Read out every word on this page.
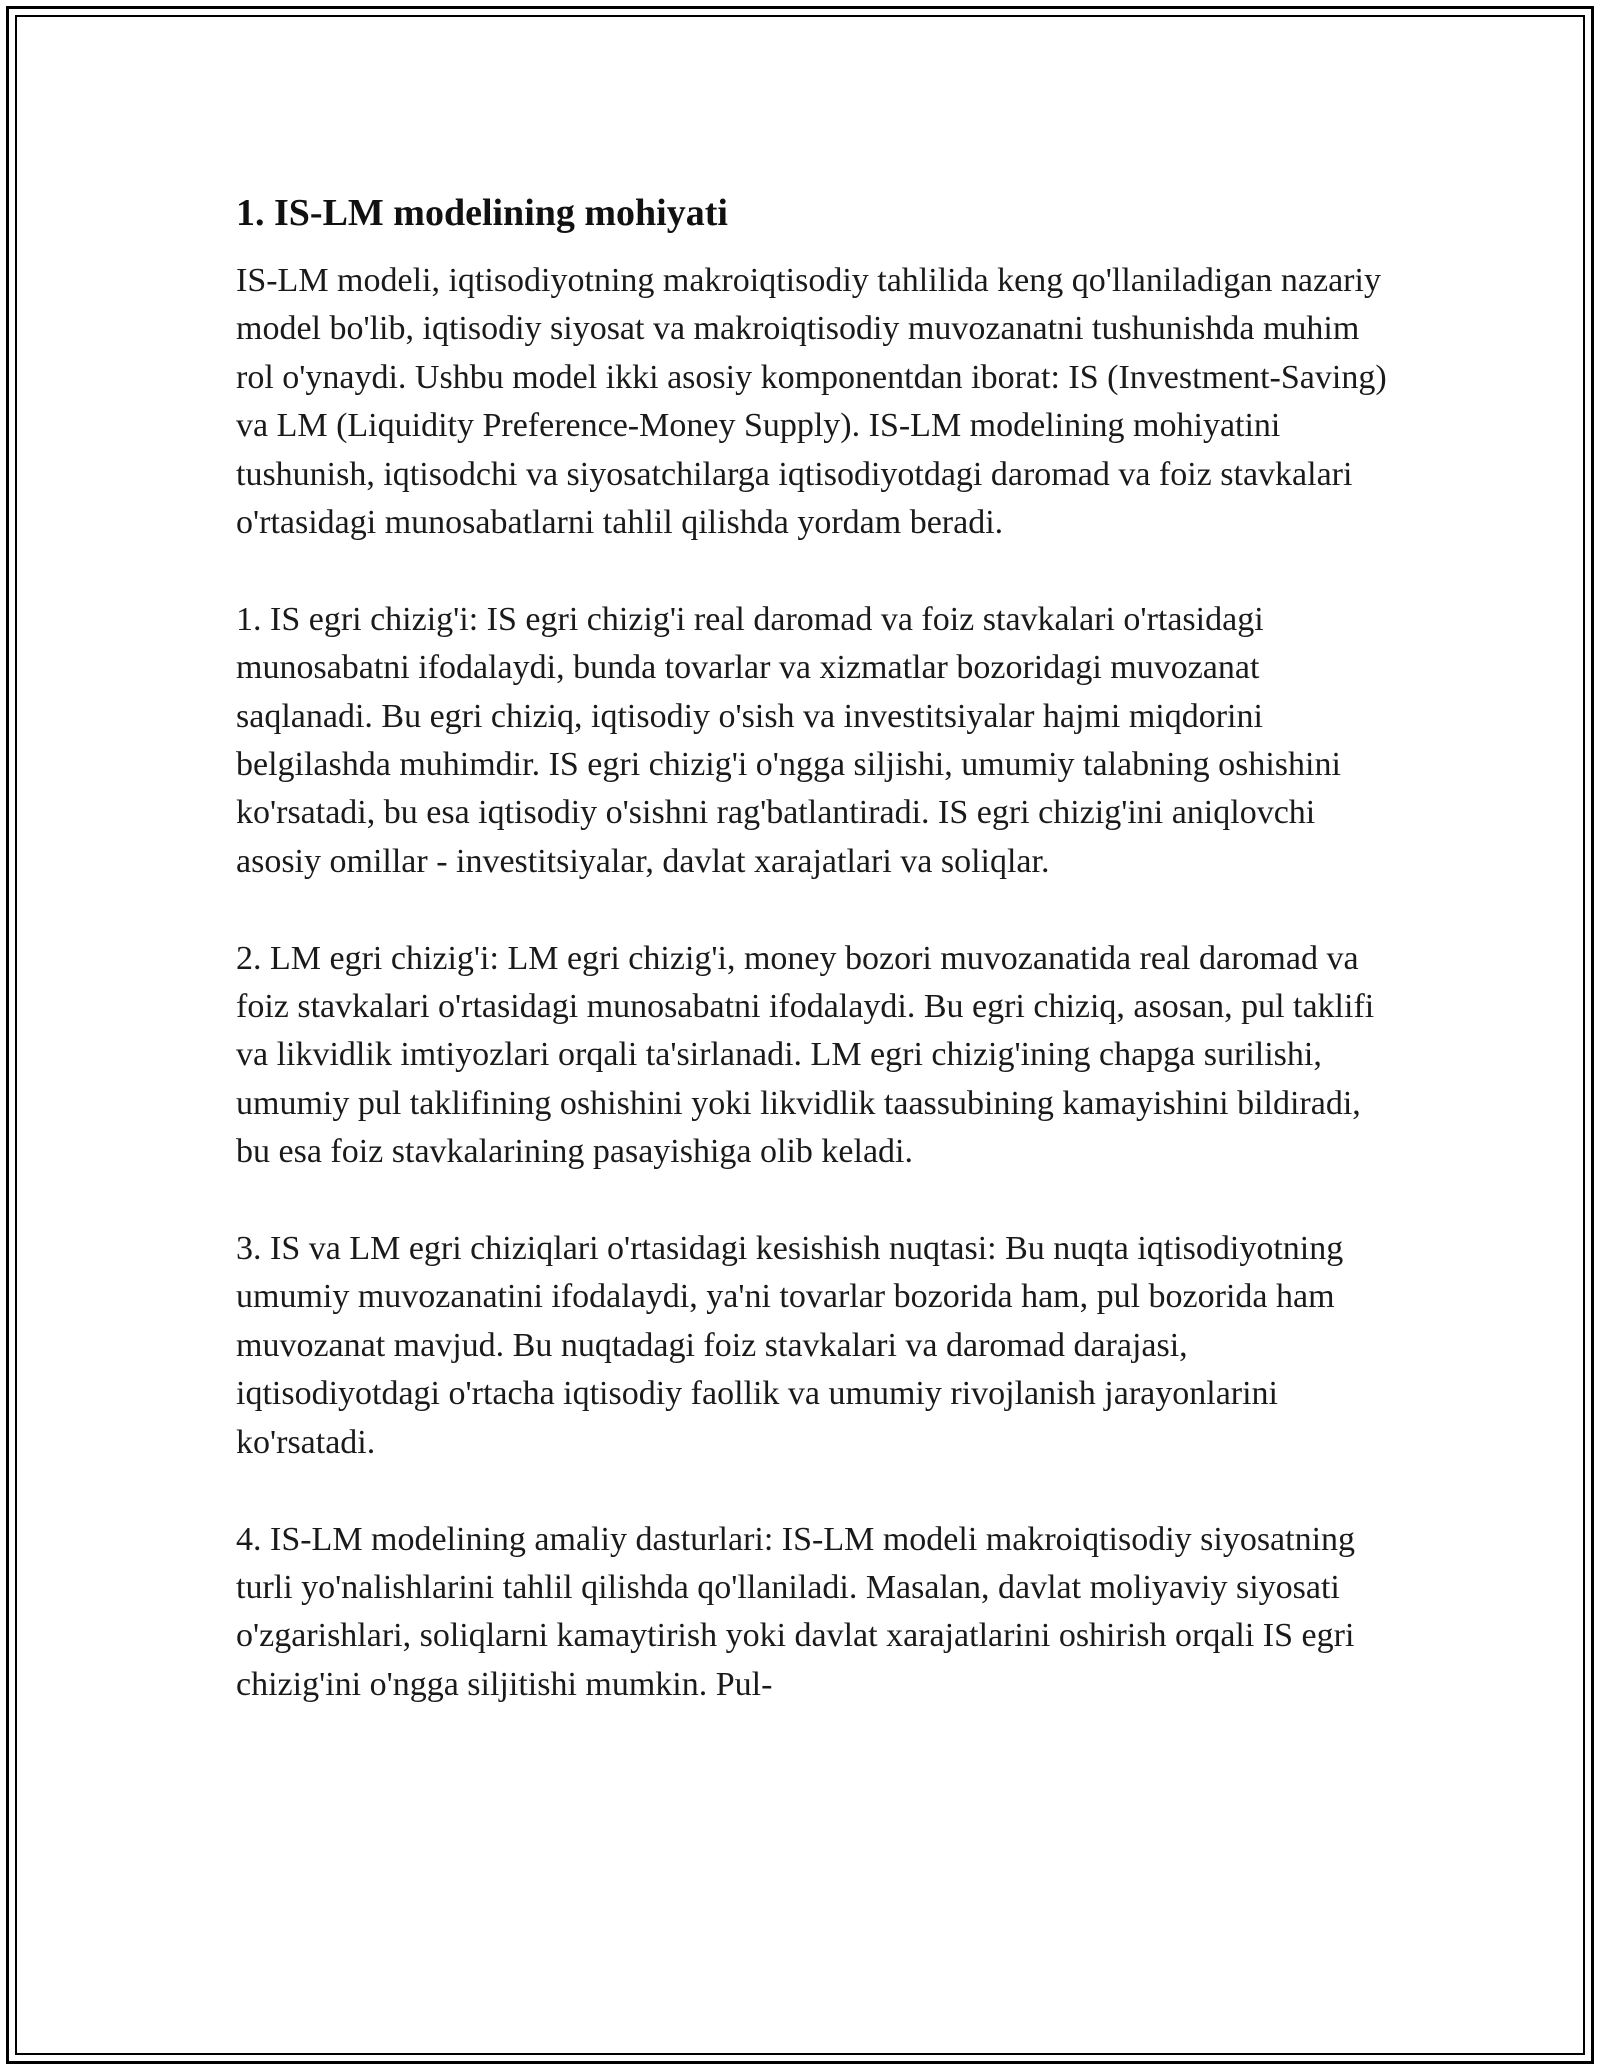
1. IS-LM modelining mohiyati

IS-LM modeli, iqtisodiyotning makroiqtisodiy tahlilida keng qo'llaniladigan nazariy model bo'lib, iqtisodiy siyosat va makroiqtisodiy muvozanatni tushunishda muhim rol o'ynaydi. Ushbu model ikki asosiy komponentdan iborat: IS (Investment-Saving) va LM (Liquidity Preference-Money Supply). IS-LM modelining mohiyatini tushunish, iqtisodchi va siyosatchilarga iqtisodiyotdagi daromad va foiz stavkalari o'rtasidagi munosabatlarni tahlil qilishda yordam beradi.

1. IS egri chizig'i: IS egri chizig'i real daromad va foiz stavkalari o'rtasidagi munosabatni ifodalaydi, bunda tovarlar va xizmatlar bozoridagi muvozanat saqlanadi. Bu egri chiziq, iqtisodiy o'sish va investitsiyalar hajmi miqdorini belgilashda muhimdir. IS egri chizig'i o'ngga siljishi, umumiy talabning oshishini ko'rsatadi, bu esa iqtisodiy o'sishni rag'batlantiradi. IS egri chizig'ini aniqlovchi asosiy omillar - investitsiyalar, davlat xarajatlari va soliqlar.

2. LM egri chizig'i: LM egri chizig'i, money bozori muvozanatida real daromad va foiz stavkalari o'rtasidagi munosabatni ifodalaydi. Bu egri chiziq, asosan, pul taklifi va likvidlik imtiyozlari orqali ta'sirlanadi. LM egri chizig'ining chapga surilishi, umumiy pul taklifining oshishini yoki likvidlik taassubining kamayishini bildiradi, bu esa foiz stavkalarining pasayishiga olib keladi.

3. IS va LM egri chiziqlari o'rtasidagi kesishish nuqtasi: Bu nuqta iqtisodiyotning umumiy muvozanatini ifodalaydi, ya'ni tovarlar bozorida ham, pul bozorida ham muvozanat mavjud. Bu nuqtadagi foiz stavkalari va daromad darajasi, iqtisodiyotdagi o'rtacha iqtisodiy faollik va umumiy rivojlanish jarayonlarini ko'rsatadi.

4. IS-LM modelining amaliy dasturlari: IS-LM modeli makroiqtisodiy siyosatning turli yo'nalishlarini tahlil qilishda qo'llaniladi. Masalan, davlat moliyaviy siyosati o'zgarishlari, soliqlarni kamaytirish yoki davlat xarajatlarini oshirish orqali IS egri chizig'ini o'ngga siljitishi mumkin. Pul-
